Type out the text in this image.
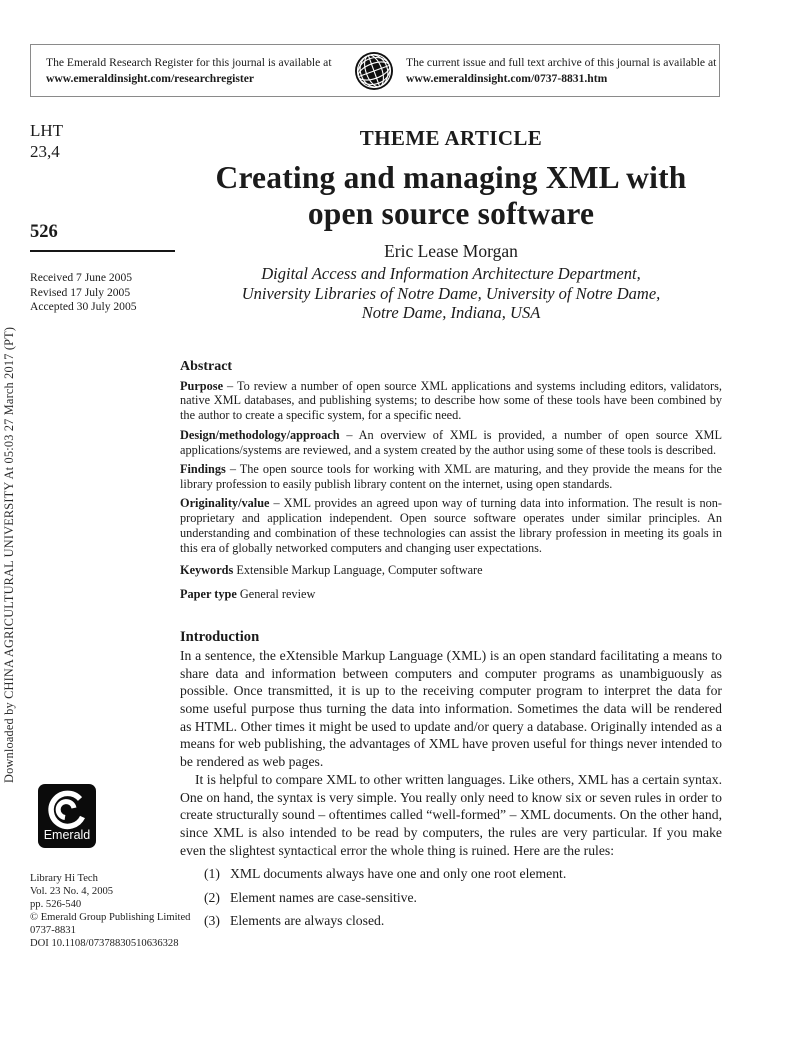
Downloaded by CHINA AGRICULTURAL UNIVERSITY At 05:03 27 March 2017 (PT)
The Emerald Research Register for this journal is available at
www.emeraldinsight.com/researchregister
The current issue and full text archive of this journal is available at
www.emeraldinsight.com/0737-8831.htm
LHT
23,4
526
Received 7 June 2005
Revised 17 July 2005
Accepted 30 July 2005
THEME ARTICLE
Creating and managing XML with
open source software
Eric Lease Morgan
Digital Access and Information Architecture Department,
University Libraries of Notre Dame, University of Notre Dame,
Notre Dame, Indiana, USA
Abstract

Purpose – To review a number of open source XML applications and systems including editors, validators, native XML databases, and publishing systems; to describe how some of these tools have been combined by the author to create a specific system, for a specific need.

Design/methodology/approach – An overview of XML is provided, a number of open source XML applications/systems are reviewed, and a system created by the author using some of these tools is described.

Findings – The open source tools for working with XML are maturing, and they provide the means for the library profession to easily publish library content on the internet, using open standards.

Originality/value – XML provides an agreed upon way of turning data into information. The result is non-proprietary and application independent. Open source software operates under similar principles. An understanding and combination of these technologies can assist the library profession in meeting its goals in this era of globally networked computers and changing user expectations.

Keywords Extensible Markup Language, Computer software
Paper type General review
Introduction

In a sentence, the eXtensible Markup Language (XML) is an open standard facilitating a means to share data and information between computers and computer programs as unambiguously as possible. Once transmitted, it is up to the receiving computer program to interpret the data for some useful purpose thus turning the data into information. Sometimes the data will be rendered as HTML. Other times it might be used to update and/or query a database. Originally intended as a means for web publishing, the advantages of XML have proven useful for things never intended to be rendered as web pages.

It is helpful to compare XML to other written languages. Like others, XML has a certain syntax. One on hand, the syntax is very simple. You really only need to know six or seven rules in order to create structurally sound – oftentimes called “well-formed” – XML documents. On the other hand, since XML is also intended to be read by computers, the rules are very particular. If you make even the slightest syntactical error the whole thing is ruined. Here are the rules:

(1) XML documents always have one and only one root element.
(2) Element names are case-sensitive.
(3) Elements are always closed.
Emerald
Library Hi Tech
Vol. 23 No. 4, 2005
pp. 526-540
© Emerald Group Publishing Limited
0737-8831
DOI 10.1108/07378830510636328
